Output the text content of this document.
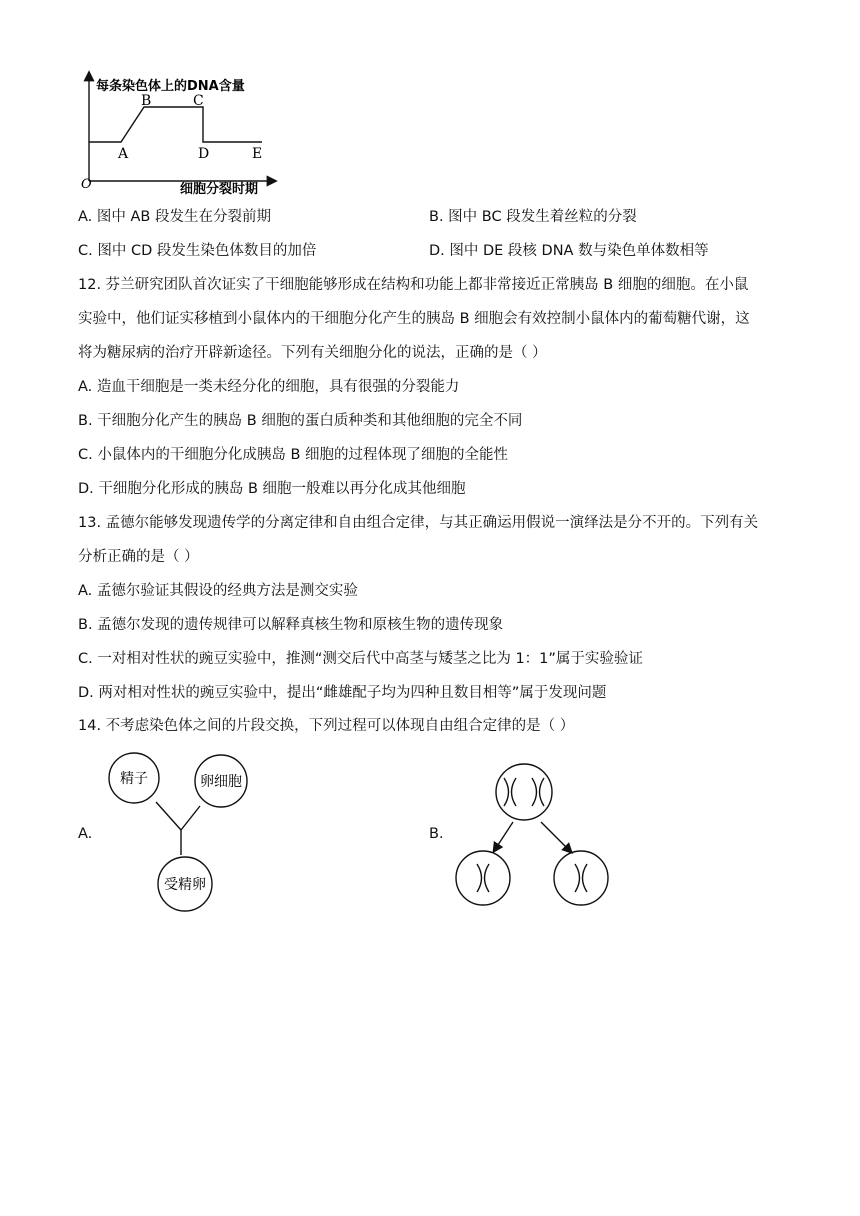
每条染色体上的DNA含量
细胞分裂时期
O
A
B	C
D	E
A. 图中 AB 段发生在分裂前期	B. 图中 BC 段发生着丝粒的分裂
C. 图中 CD 段发生染色体数目的加倍	D. 图中 DE 段核 DNA 数与染色单体数相等
12. 芬兰研究团队首次证实了干细胞能够形成在结构和功能上都非常接近正常胰岛 B 细胞的细胞。在小鼠
实验中，他们证实移植到小鼠体内的干细胞分化产生的胰岛 B 细胞会有效控制小鼠体内的葡萄糖代谢，这
将为糖尿病的治疗开辟新途径。下列有关细胞分化的说法，正确的是（ ）
A. 造血干细胞是一类未经分化的细胞，具有很强的分裂能力
B. 干细胞分化产生的胰岛 B 细胞的蛋白质种类和其他细胞的完全不同
C. 小鼠体内的干细胞分化成胰岛 B 细胞的过程体现了细胞的全能性
D. 干细胞分化形成的胰岛 B 细胞一般难以再分化成其他细胞
13. 孟德尔能够发现遗传学的分离定律和自由组合定律，与其正确运用假说一演绎法是分不开的。下列有关
分析正确的是（ ）
A. 孟德尔验证其假设的经典方法是测交实验
B. 孟德尔发现的遗传规律可以解释真核生物和原核生物的遗传现象
C. 一对相对性状的豌豆实验中，推测“测交后代中高茎与矮茎之比为 1：1”属于实验验证
D. 两对相对性状的豌豆实验中，提出“雌雄配子均为四种且数目相等”属于发现问题
14. 不考虑染色体之间的片段交换，下列过程可以体现自由组合定律的是（ ）
A.
精子	卵细胞
受精卵
B.
